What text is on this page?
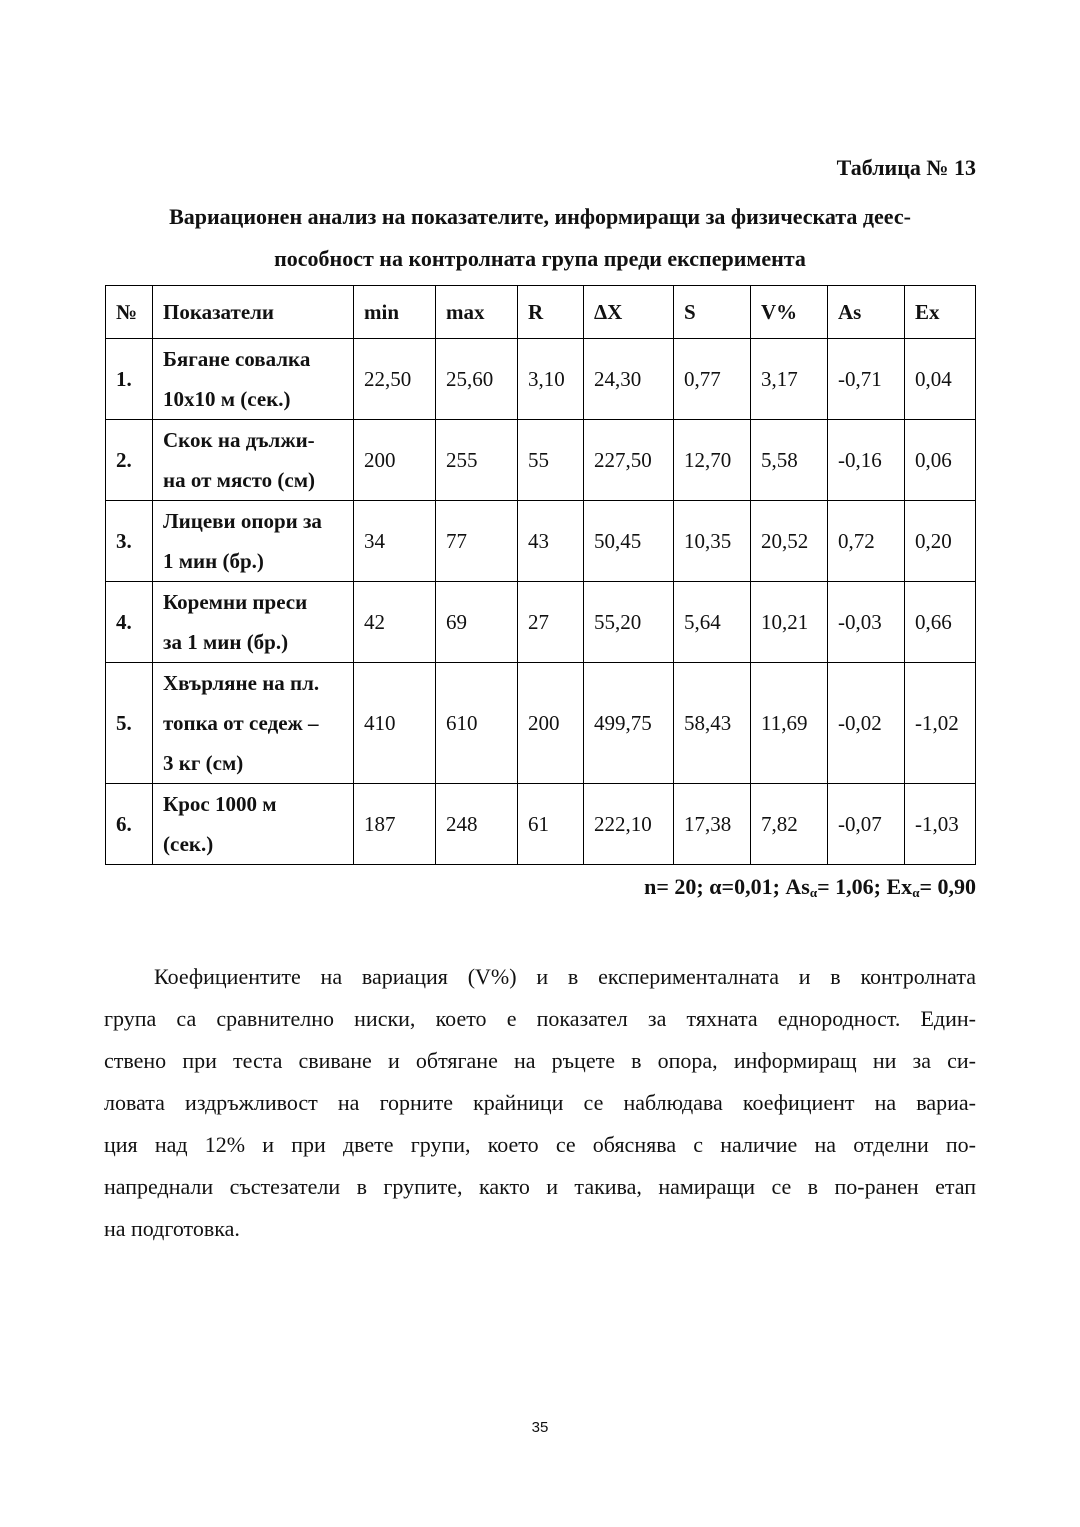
Таблица № 13
Вариационен анализ на показателите, информиращи за физическата деес-
пособност на контролната група преди експеримента
№	Показатели	min	max	R	ΔX	S	V%	As	Ex
1.	Бягане совалка
10х10 м (сек.)	22,50	25,60	3,10	24,30	0,77	3,17	-0,71	0,04
2.	Скок на дължи-
на от място (см)	200	255	55	227,50	12,70	5,58	-0,16	0,06
3.	Лицеви опори за
1 мин (бр.)	34	77	43	50,45	10,35	20,52	0,72	0,20
4.	Коремни преси
за 1 мин (бр.)	42	69	27	55,20	5,64	10,21	-0,03	0,66
5.	Хвърляне на пл.
топка от седеж –
3 кг (см)	410	610	200	499,75	58,43	11,69	-0,02	-1,02
6.	Крос 1000 м
(сек.)	187	248	61	222,10	17,38	7,82	-0,07	-1,03
n= 20; α=0,01; $As_\alpha= 1,06$; $Ex_\alpha= 0,90$
Коефициентите на вариация (V%) и в експерименталната и в контролната
група са сравнително ниски, което е показател за тяхната еднородност. Един-
ствено при теста свиване и обтягане на ръцете в опора, информиращ ни за си-
ловата издръжливост на горните крайници се наблюдава коефициент на вариа-
ция над 12% и при двете групи, което се обяснява с наличие на отделни по-
напреднали състезатели в групите, както и такива, намиращи се в по-ранен етап
на подготовка.
35
